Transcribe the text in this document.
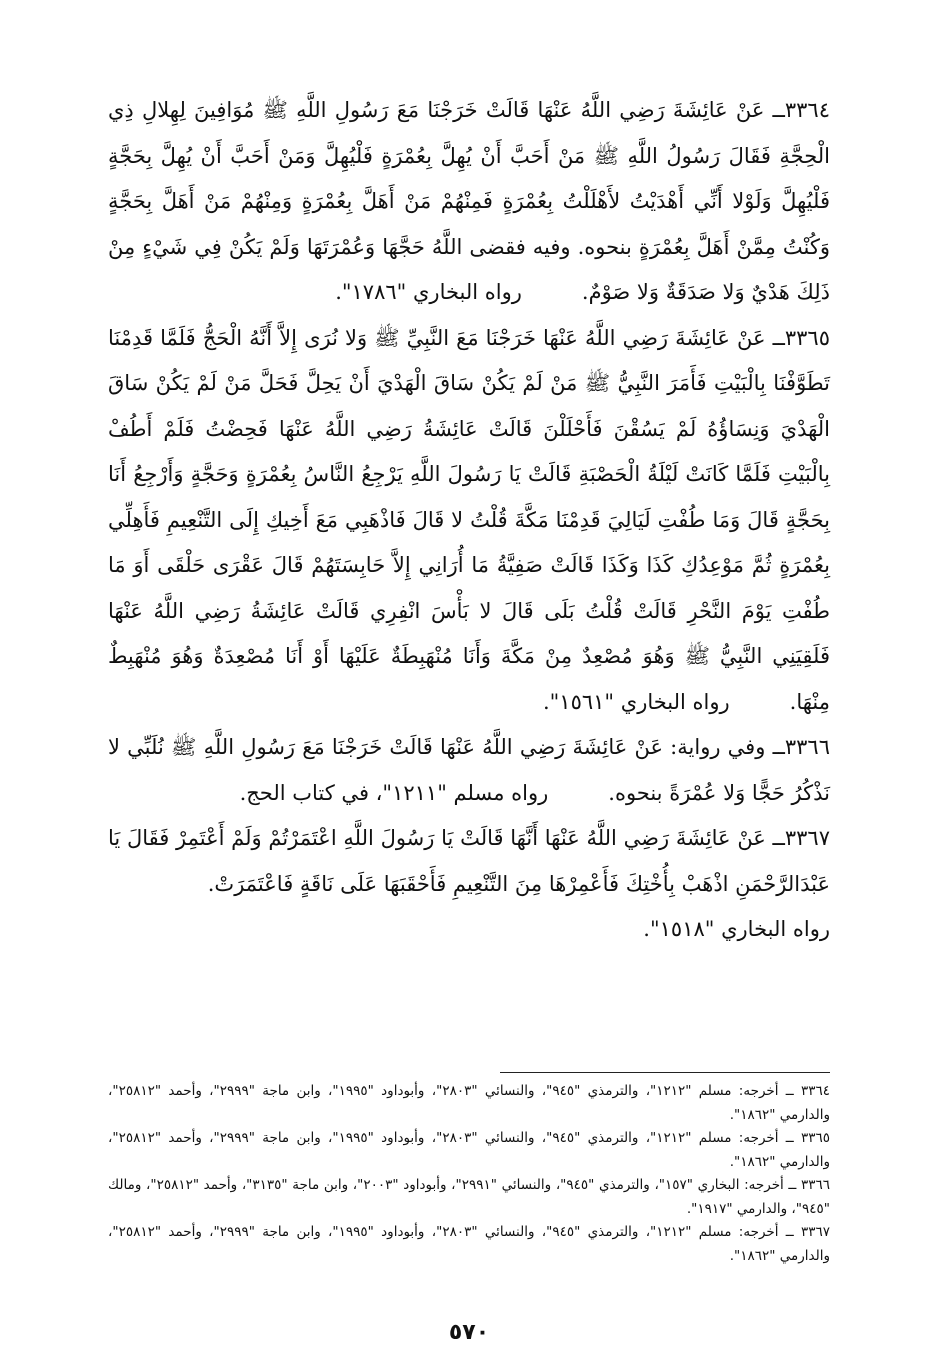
٣٣٦٤ــ عَنْ عَائِشَةَ رَضِي اللَّهُ عَنْهَا قَالَتْ خَرَجْنَا مَعَ رَسُولِ اللَّهِ ﷺ مُوَافِينَ لِهِلالِ ذِي الْحِجَّةِ فَقَالَ رَسُولُ اللَّهِ ﷺ مَنْ أَحَبَّ أَنْ يُهِلَّ بِعُمْرَةٍ فَلْيُهِلَّ وَمَنْ أَحَبَّ أَنْ يُهِلَّ بِحَجَّةٍ فَلْيُهِلَّ وَلَوْلا أَنِّي أَهْدَيْتُ لأَهْلَلْتُ بِعُمْرَةٍ فَمِنْهُمْ مَنْ أَهَلَّ بِعُمْرَةٍ وَمِنْهُمْ مَنْ أَهَلَّ بِحَجَّةٍ وَكُنْتُ مِمَّنْ أَهَلَّ بِعُمْرَةٍ بنحوه. وفيه فقضى اللَّهُ حَجَّهَا وَعُمْرَتَهَا وَلَمْ يَكُنْ فِي شَيْءٍ مِنْ ذَلِكَ هَدْيٌ وَلا صَدَقَةٌ وَلا صَوْمٌ.رواه البخاري "١٧٨٦".

٣٣٦٥ــ عَنْ عَائِشَةَ رَضِي اللَّهُ عَنْهَا خَرَجْنَا مَعَ النَّبِيِّ ﷺ وَلا نُرَى إِلاَّ أَنَّهُ الْحَجُّ فَلَمَّا قَدِمْنَا تَطَوَّفْنَا بِالْبَيْتِ فَأَمَرَ النَّبِيُّ ﷺ مَنْ لَمْ يَكُنْ سَاقَ الْهَدْيَ أَنْ يَحِلَّ فَحَلَّ مَنْ لَمْ يَكُنْ سَاقَ الْهَدْيَ وَنِسَاؤُهُ لَمْ يَسُقْنَ فَأَحْلَلْنَ قَالَتْ عَائِشَةُ رَضِي اللَّهُ عَنْهَا فَحِضْتُ فَلَمْ أَطُفْ بِالْبَيْتِ فَلَمَّا كَانَتْ لَيْلَةُ الْحَصْبَةِ قَالَتْ يَا رَسُولَ اللَّهِ يَرْجِعُ النَّاسُ بِعُمْرَةٍ وَحَجَّةٍ وَأَرْجِعُ أَنَا بِحَجَّةٍ قَالَ وَمَا طُفْتِ لَيَالِيَ قَدِمْنَا مَكَّةَ قُلْتُ لا قَالَ فَاذْهَبِي مَعَ أَخِيكِ إِلَى التَّنْعِيمِ فَأَهِلِّي بِعُمْرَةٍ ثُمَّ مَوْعِدُكِ كَذَا وَكَذَا قَالَتْ صَفِيَّةُ مَا أُرَانِي إِلاَّ حَابِسَتَهُمْ قَالَ عَقْرَى حَلْقَى أَوَ مَا طُفْتِ يَوْمَ النَّحْرِ قَالَتْ قُلْتُ بَلَى قَالَ لا بَأْسَ انْفِرِي قَالَتْ عَائِشَةُ رَضِي اللَّهُ عَنْهَا فَلَقِيَنِي النَّبِيُّ ﷺ وَهُوَ مُصْعِدٌ مِنْ مَكَّةَ وَأَنَا مُنْهَبِطَةٌ عَلَيْهَا أَوْ أَنَا مُصْعِدَةٌ وَهُوَ مُنْهَبِطٌ مِنْهَا.رواه البخاري "١٥٦١".

٣٣٦٦ــ وفي رواية: عَنْ عَائِشَةَ رَضِي اللَّهُ عَنْهَا قَالَتْ خَرَجْنَا مَعَ رَسُولِ اللَّهِ ﷺ نُلَبِّي لا نَذْكُرُ حَجًّا وَلا عُمْرَةً بنحوه.رواه مسلم "١٢١١"، في كتاب الحج.

٣٣٦٧ــ عَنْ عَائِشَةَ رَضِي اللَّهُ عَنْهَا أَنَّهَا قَالَتْ يَا رَسُولَ اللَّهِ اعْتَمَرْتُمْ وَلَمْ أَعْتَمِرْ فَقَالَ يَا عَبْدَالرَّحْمَنِ اذْهَبْ بِأُخْتِكَ فَأَعْمِرْهَا مِنَ التَّنْعِيمِ فَأَحْقَبَهَا عَلَى نَاقَةٍ فَاعْتَمَرَتْ.

رواه البخاري "١٥١٨".

٣٣٦٤ ــ أخرجه: مسلم "١٢١٢"، والترمذي "٩٤٥"، والنسائي "٢٨٠٣"، وأبوداود "١٩٩٥"، وابن ماجة "٢٩٩٩"، وأحمد "٢٥٨١٢"، والدارمي "١٨٦٢".

٣٣٦٥ ــ أخرجه: مسلم "١٢١٢"، والترمذي "٩٤٥"، والنسائي "٢٨٠٣"، وأبوداود "١٩٩٥"، وابن ماجة "٢٩٩٩"، وأحمد "٢٥٨١٢"، والدارمي "١٨٦٢".

٣٣٦٦ ــ أخرجه: البخاري "١٥٧"، والترمذي "٩٤٥"، والنسائي "٢٩٩١"، وأبوداود "٢٠٠٣"، وابن ماجة "٣١٣٥"، وأحمد "٢٥٨١٢"، ومالك "٩٤٥"، والدارمي "١٩١٧".

٣٣٦٧ ــ أخرجه: مسلم "١٢١٢"، والترمذي "٩٤٥"، والنسائي "٢٨٠٣"، وأبوداود "١٩٩٥"، وابن ماجة "٢٩٩٩"، وأحمد "٢٥٨١٢"، والدارمي "١٨٦٢".

٥٧٠
